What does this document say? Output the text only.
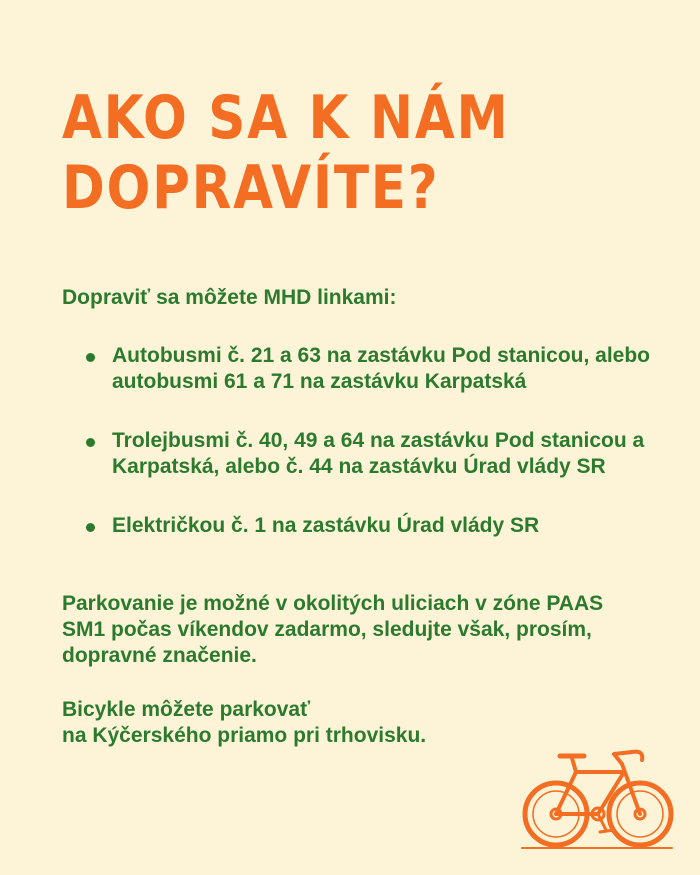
AKO SA K NÁM
DOPRAVÍTE?

Dopraviť sa môžete MHD linkami:

Autobusmi č. 21 a 63 na zastávku Pod stanicou, alebo autobusmi 61 a 71 na zastávku Karpatská
Trolejbusmi č. 40, 49 a 64 na zastávku Pod stanicou a Karpatská, alebo č. 44 na zastávku Úrad vlády SR
Električkou č. 1 na zastávku Úrad vlády SR

Parkovanie je možné v okolitých uliciach v zóne PAAS SM1 počas víkendov zadarmo, sledujte však, prosím, dopravné značenie.

Bicykle môžete parkovať
na Kýčerského priamo pri trhovisku.
